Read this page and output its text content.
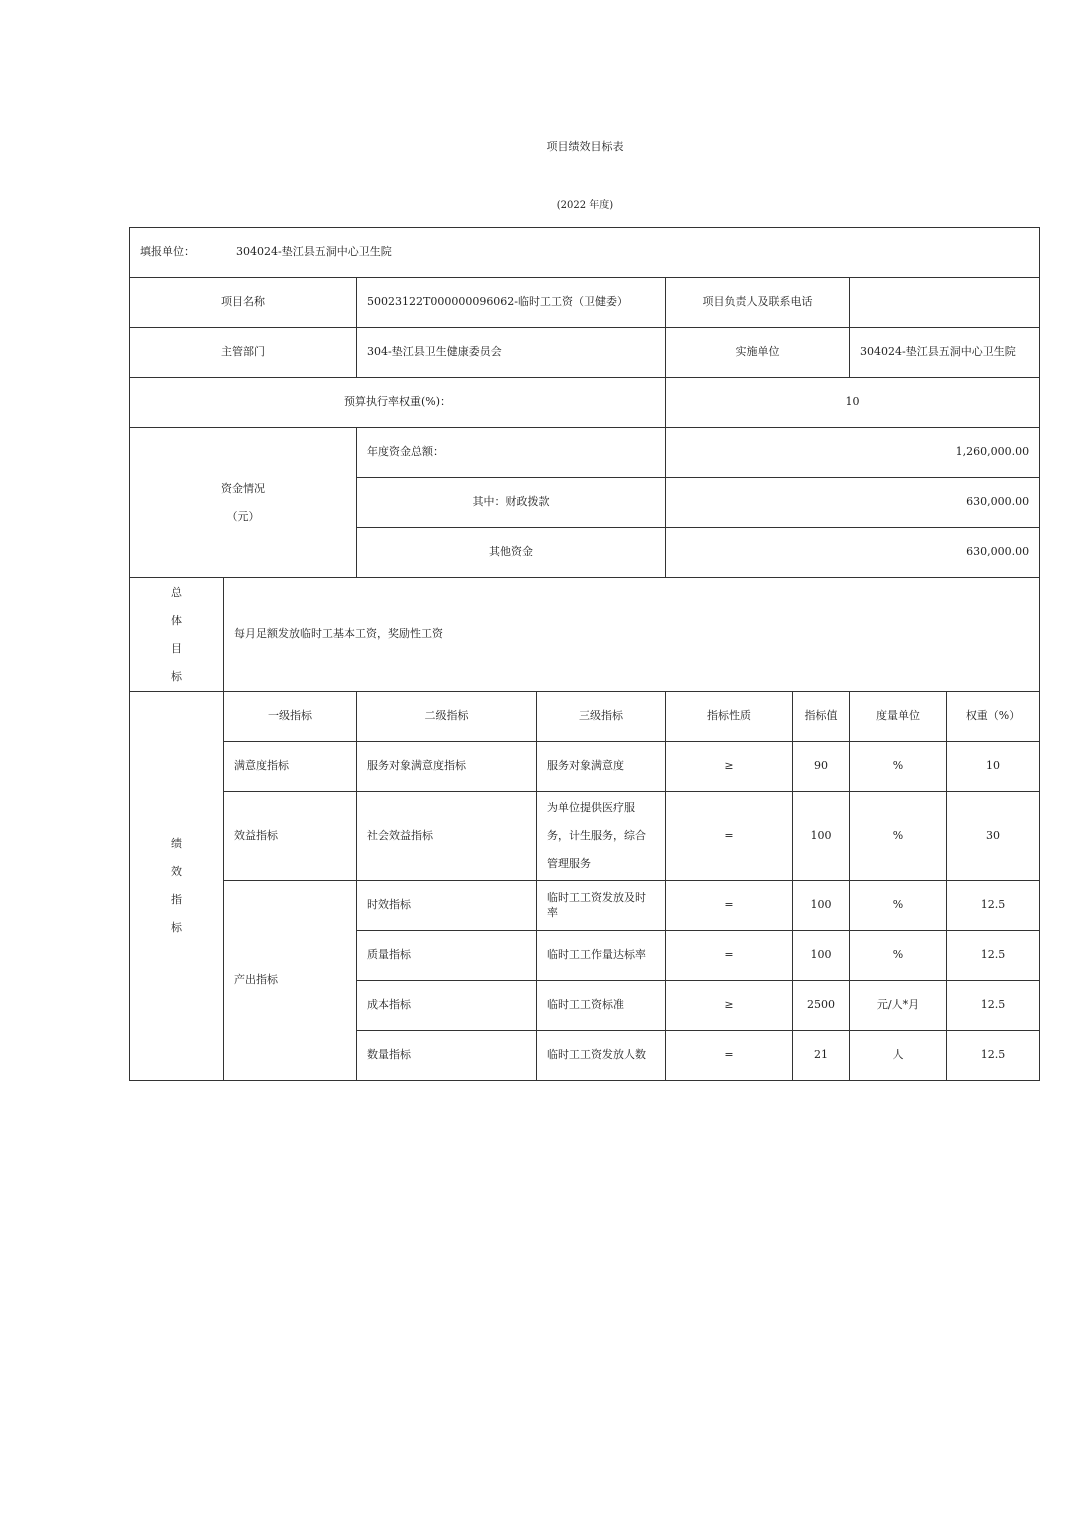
项目绩效目标表
(2022 年度)
填报单位： 304024-垫江县五洞中心卫生院							
项目名称		50023122T000000096062-临时工工资（卫健委）		项目负责人及联系电话			
主管部门		304-垫江县卫生健康委员会		实施单位		304024-垫江县五洞中心卫生院	
预算执行率权重(%)：				10			

资金情况
（元）		年度资金总额：		1,260,000.00			
		其中：财政拨款		630,000.00			
		其他资金		630,000.00			

总
体
目
标	每月足额发放临时工基本工资，奖励性工资						

绩
效
指
标	一级指标	二级指标	三级指标	指标性质	指标值	度量单位	权重（%）
	满意度指标	服务对象满意度指标	服务对象满意度	≥	90	%	10
	效益指标	社会效益指标	为单位提供医疗服务，计生服务，综合管理服务	=	100	%	30
	产出指标	时效指标	临时工工资发放及时率	=	100	%	12.5
		质量指标	临时工工作量达标率	=	100	%	12.5
		成本指标	临时工工资标准	≥	2500	元/人*月	12.5
		数量指标	临时工工资发放人数	=	21	人	12.5
